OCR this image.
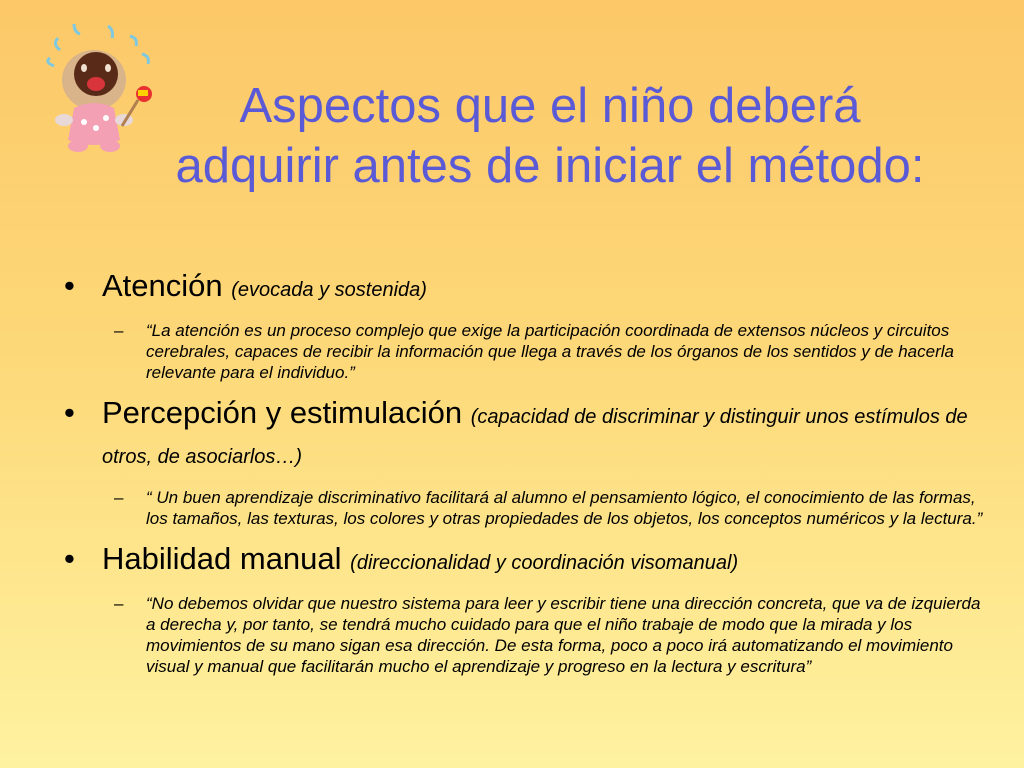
Aspectos que el niño deberá
adquirir antes de iniciar el método:

• Atención (evocada y sostenida)

– “La atención es un proceso complejo que exige la participación coordinada de extensos núcleos y circuitos cerebrales, capaces de recibir la información que llega a través de los órganos de los sentidos y de hacerla relevante para el individuo.”

• Percepción y estimulación (capacidad de discriminar y distinguir unos estímulos de otros, de asociarlos…)

– “ Un buen aprendizaje discriminativo facilitará al alumno el pensamiento lógico, el conocimiento de las formas, los tamaños, las texturas, los colores y otras propiedades de los objetos, los conceptos numéricos y la lectura.”

• Habilidad manual (direccionalidad y coordinación visomanual)

– “No debemos olvidar que nuestro sistema para leer y escribir tiene una dirección concreta, que va de izquierda a derecha y, por tanto, se tendrá mucho cuidado para que el niño trabaje de modo que la mirada y los movimientos de su mano sigan esa dirección. De esta forma, poco a poco irá automatizando el movimiento visual y manual que facilitarán mucho el aprendizaje y progreso en la lectura y escritura”
